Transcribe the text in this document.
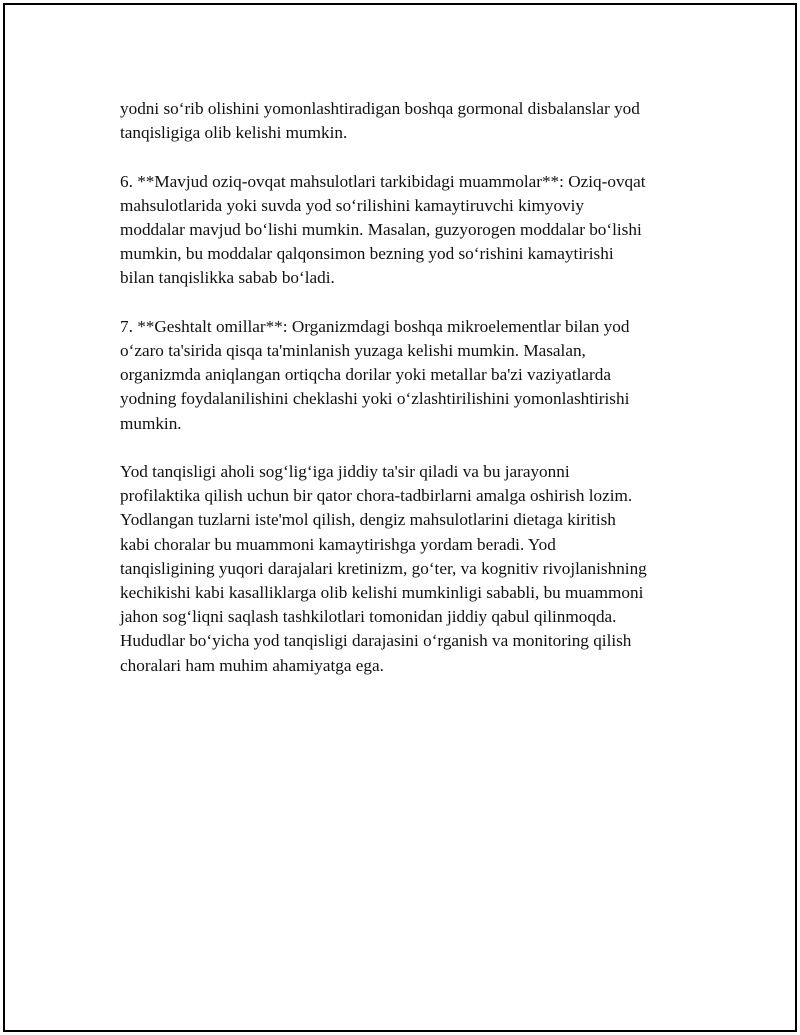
yodni so‘rib olishini yomonlashtiradigan boshqa gormonal disbalanslar yod
tanqisligiga olib kelishi mumkin.

6. **Mavjud oziq-ovqat mahsulotlari tarkibidagi muammolar**: Oziq-ovqat
mahsulotlarida yoki suvda yod so‘rilishini kamaytiruvchi kimyoviy
moddalar mavjud bo‘lishi mumkin. Masalan, guzyorogen moddalar bo‘lishi
mumkin, bu moddalar qalqonsimon bezning yod so‘rishini kamaytirishi
bilan tanqislikka sabab bo‘ladi.

7. **Geshtalt omillar**: Organizmdagi boshqa mikroelementlar bilan yod
o‘zaro ta'sirida qisqa ta'minlanish yuzaga kelishi mumkin. Masalan,
organizmda aniqlangan ortiqcha dorilar yoki metallar ba'zi vaziyatlarda
yodning foydalanilishini cheklashi yoki o‘zlashtirilishini yomonlashtirishi
mumkin.

Yod tanqisligi aholi sog‘lig‘iga jiddiy ta'sir qiladi va bu jarayonni
profilaktika qilish uchun bir qator chora-tadbirlarni amalga oshirish lozim.
Yodlangan tuzlarni iste'mol qilish, dengiz mahsulotlarini dietaga kiritish
kabi choralar bu muammoni kamaytirishga yordam beradi. Yod
tanqisligining yuqori darajalari kretinizm, go‘ter, va kognitiv rivojlanishning
kechikishi kabi kasalliklarga olib kelishi mumkinligi sababli, bu muammoni
jahon sog‘liqni saqlash tashkilotlari tomonidan jiddiy qabul qilinmoqda.
Hududlar bo‘yicha yod tanqisligi darajasini o‘rganish va monitoring qilish
choralari ham muhim ahamiyatga ega.
